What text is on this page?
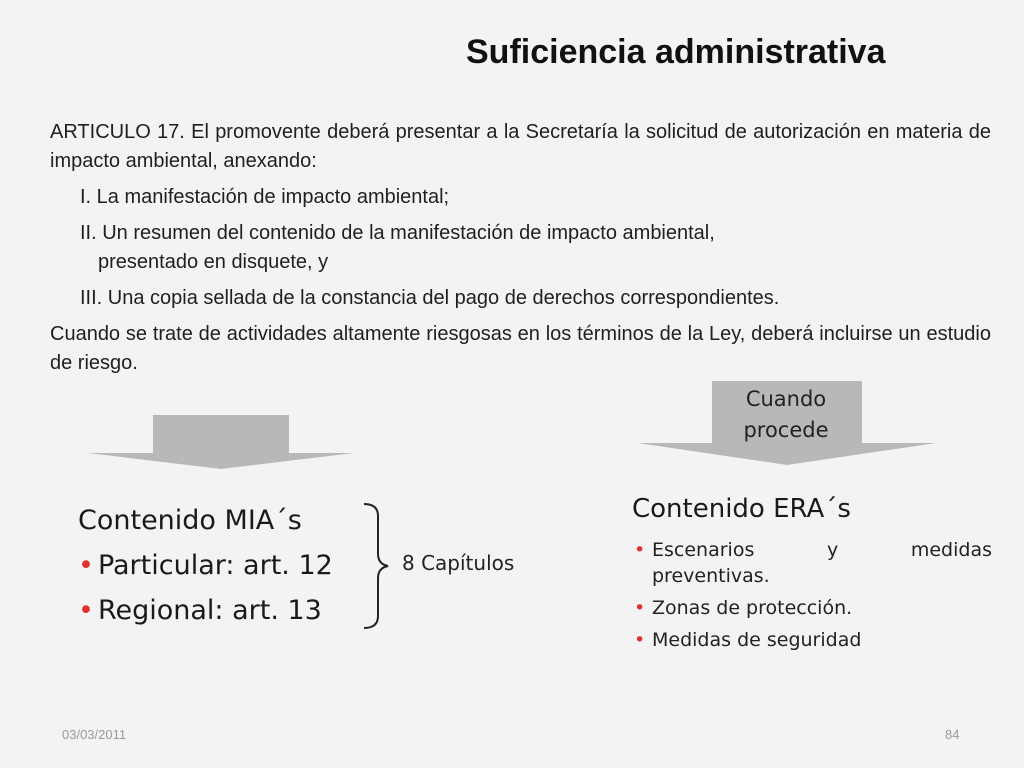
Suficiencia administrativa

ARTICULO 17. El promovente deberá presentar a la Secretaría la solicitud de autorización en materia de impacto ambiental, anexando:

I. La manifestación de impacto ambiental;

II. Un resumen del contenido de la manifestación de impacto ambiental,
presentado en disquete, y

III. Una copia sellada de la constancia del pago de derechos correspondientes.

Cuando se trate de actividades altamente riesgosas en los términos de la Ley, deberá incluirse un estudio de riesgo.

Cuando
procede
Contenido MIA´s
• Particular: art. 12
• Regional: art. 13
8 Capítulos
Contenido ERA´s
• Escenarios y medidas
preventivas.
• Zonas de protección.
• Medidas de seguridad
03/03/2011	84
